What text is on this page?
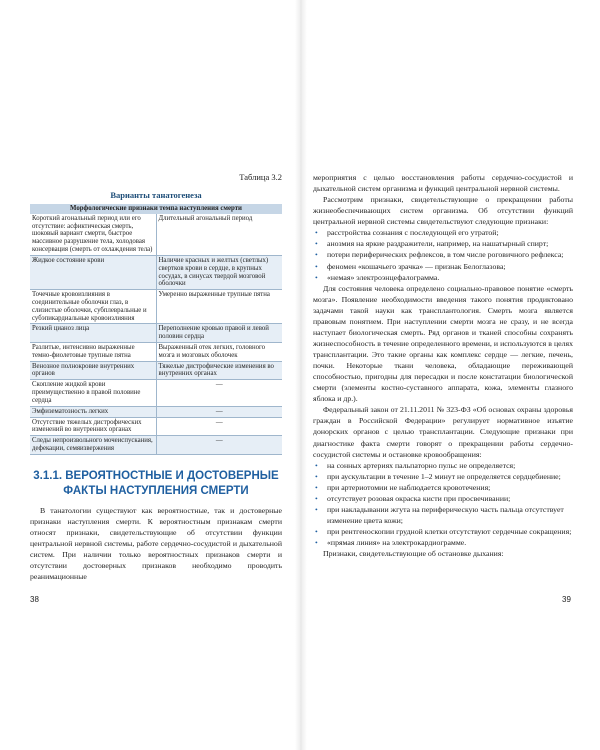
Таблица 3.2
Варианты танатогенеза
Морфологические признаки темпа наступления смерти	
Короткий агональный период или его отсутствие: асфиктическая смерть, шоковый вариант смерти, быстрое массивное разрушение тела, холодовая консервация (смерть от охлаждения тела)	Длительный агональный период
Жидкое состояние крови	Наличие красных и желтых (светлых) свертков крови в сердце, в крупных сосудах, в синусах твердой мозговой оболочки
Точечные кровоизлияния в соединительные оболочки глаз, в слизистые оболочки, субплевральные и субэпикардиальные кровоизлияния	Умеренно выраженные трупные пятна
Резкий цианоз лица	Переполнение кровью правой и левой половин сердца
Разлитые, интенсивно выраженные темно-фиолетовые трупные пятна	Выраженный отек легких, головного мозга и мозговых оболочек
Венозное полнокровие внутренних органов	Тяжелые дистрофические изменения во внутренних органах
Скопление жидкой крови преимущественно в правой половине сердца	—
Эмфизематозность легких	—
Отсутствие тяжелых дистрофических изменений во внутренних органах	—
Следы непроизвольного мочеиспускания, дефекации, семяизвержения	—
3.1.1. ВЕРОЯТНОСТНЫЕ И ДОСТОВЕРНЫЕ ФАКТЫ НАСТУПЛЕНИЯ СМЕРТИ

В танатологии существуют как вероятностные, так и достоверные признаки наступления смерти. К вероятностным признакам смерти относят признаки, свидетельствующие об отсутствии функции центральной нервной системы, работе сердечно-сосудистой и дыхательной систем. При наличии только вероятностных признаков смерти и отсутствии достоверных признаков необходимо проводить реанимационные

мероприятия с целью восстановления работы сердечно-сосудистой и дыхательной систем организма и функций центральной нервной системы.

Рассмотрим признаки, свидетельствующие о прекращении работы жизнеобеспечивающих систем организма. Об отсутствии функций центральной нервной системы свидетельствуют следующие признаки:

• расстройства сознания с последующей его утратой;
• анозмия на яркие раздражители, например, на нашатырный спирт;
• потери периферических рефлексов, в том числе роговичного рефлекса;
• феномен «кошачьего зрачка» — признак Белоглазова;
• «немая» электроэнцефалограмма.

Для состояния человека определено социально-правовое понятие «смерть мозга». Появление необходимости введения такого понятия продиктовано задачами такой науки как трансплантология. Смерть мозга является правовым понятием. При наступлении смерти мозга не сразу, и не всегда наступает биологическая смерть. Ряд органов и тканей способны сохранять жизнеспособность в течение определенного времени, и используются в целях трансплантации. Это такие органы как комплекс сердце — легкие, печень, почки. Некоторые ткани человека, обладающие переживающей способностью, пригодны для пересадки и после констатации биологической смерти (элементы костно-суставного аппарата, кожа, элементы глазного яблока и др.).

Федеральный закон от 21.11.2011 № 323-ФЗ «Об основах охраны здоровья граждан в Российской Федерации» регулирует нормативное изъятие донорских органов с целью трансплантации. Следующие признаки при диагностике факта смерти говорят о прекращении работы сердечно-сосудистой системы и остановке кровообращения:

• на сонных артериях пальпаторно пульс не определяется;
• при аускультации в течение 1–2 минут не определяется сердцебиение;
• при артериотомии не наблюдается кровотечения;
• отсутствует розовая окраска кисти при просвечивании;
• при накладывании жгута на периферическую часть пальца отсутствует изменение цвета кожи;
• при рентгеноскопии грудной клетки отсутствуют сердечные сокращения;
• «прямая линия» на электрокардиограмме.

Признаки, свидетельствующие об остановке дыхания:

38	39
